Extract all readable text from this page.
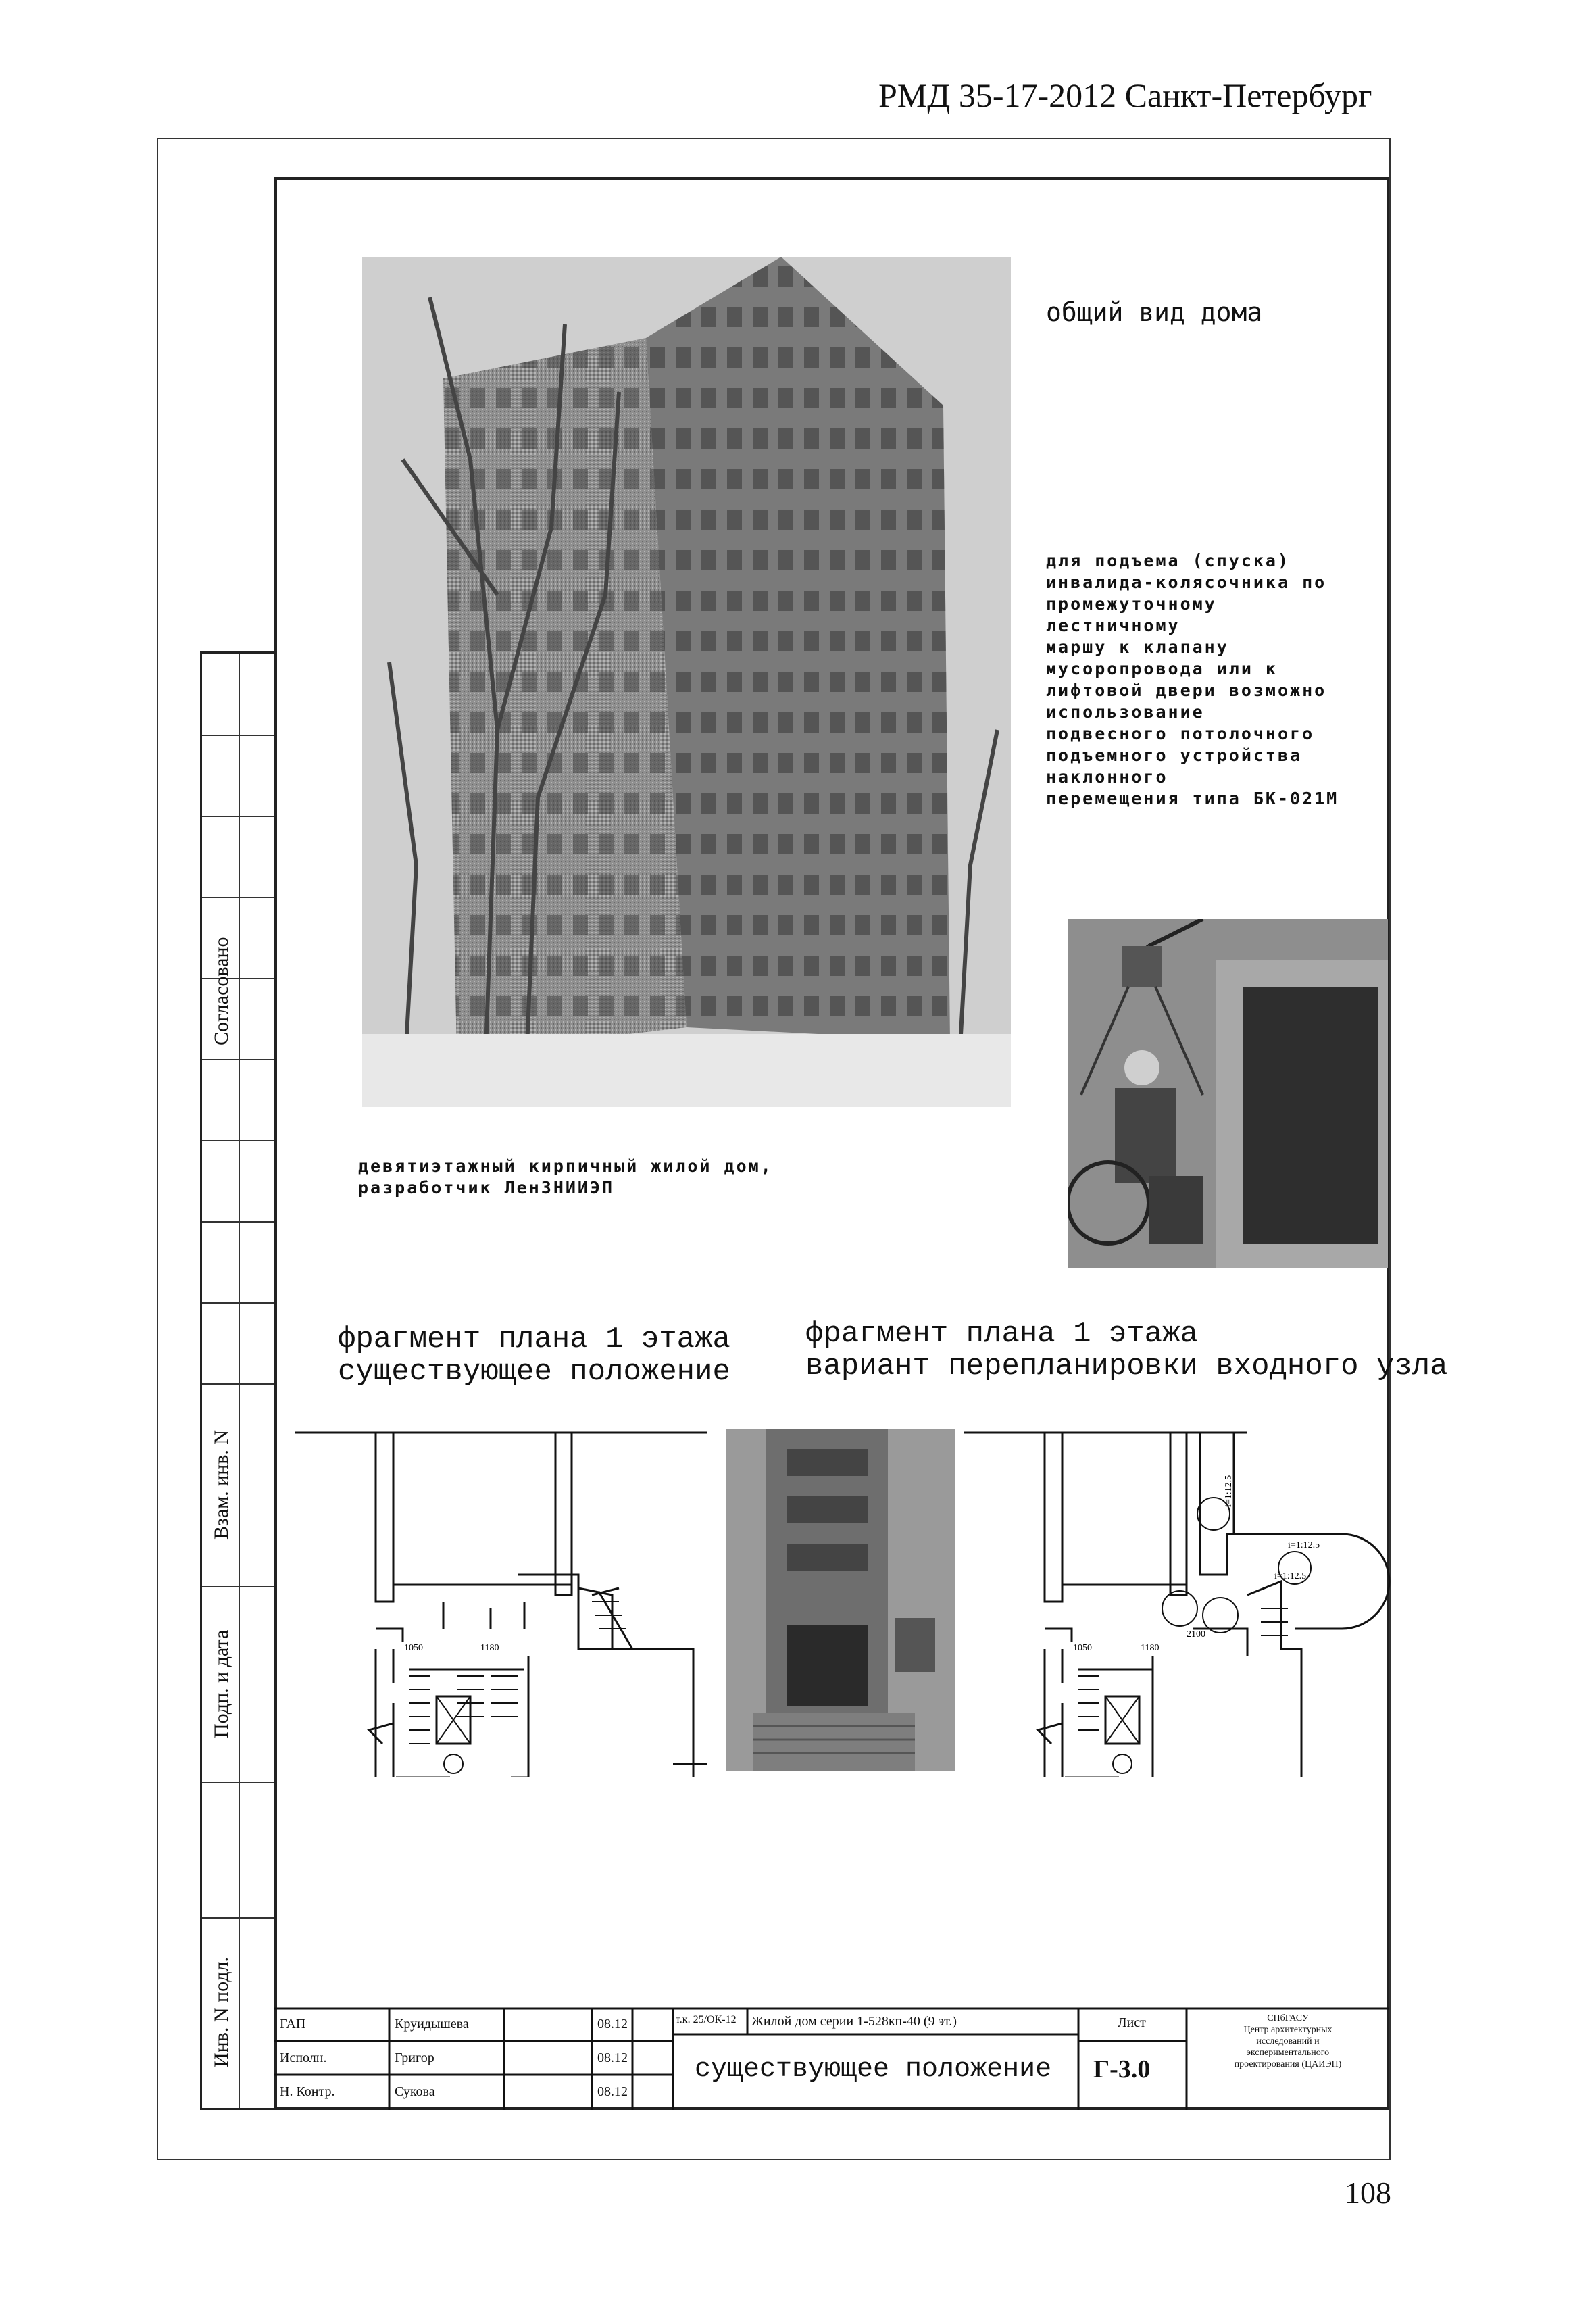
РМД 35-17-2012 Санкт-Петербург
Согласовано
Взам. инв. N
Подп. и дата
Инв. N подл.
общий вид дома
для подъема (спуска)
инвалида-колясочника по
промежуточному
лестничному
маршу к клапану
мусоропровода или к
лифтовой двери возможно
использование
подвесного потолочного
подъемного устройства
наклонного
перемещения типа БК-021М
девятиэтажный кирпичный жилой дом,
разработчик ЛенЗНИИЭП
фрагмент плана 1 этажа
существующее положение
фрагмент плана 1 этажа
вариант перепланировки входного узла
1050	1180	1050	1180
2100
i=1:12.5
i=1:12.5
i=1:12.5
ГАП	Круидышева	08.12
Исполн.	Григор	08.12
Н. Контр.	Сукова	08.12
т.к. 25/ОК-12 Жилой дом серии 1-528кп-40 (9 эт.)
существующее положение
Лист
Г-3.0
СПбГАСУ
Центр архитектурных
исследований и
экспериментального
проектирования (ЦАИЭП)
108
